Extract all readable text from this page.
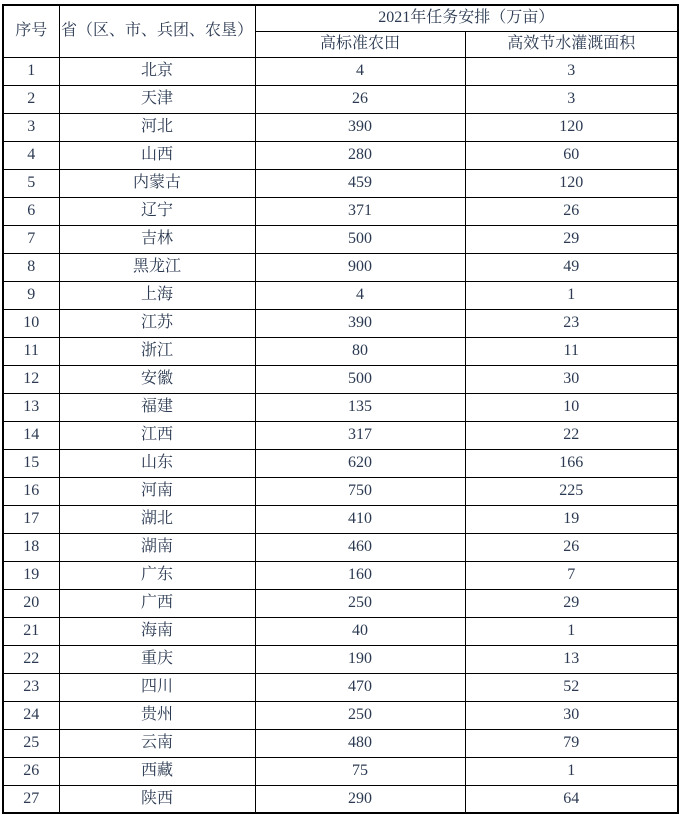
序号	省（区、市、兵团、农垦）	2021年任务安排（万亩）	
		高标准农田	高效节水灌溉面积
1	北京	4	3
2	天津	26	3
3	河北	390	120
4	山西	280	60
5	内蒙古	459	120
6	辽宁	371	26
7	吉林	500	29
8	黑龙江	900	49
9	上海	4	1
10	江苏	390	23
11	浙江	80	11
12	安徽	500	30
13	福建	135	10
14	江西	317	22
15	山东	620	166
16	河南	750	225
17	湖北	410	19
18	湖南	460	26
19	广东	160	7
20	广西	250	29
21	海南	40	1
22	重庆	190	13
23	四川	470	52
24	贵州	250	30
25	云南	480	79
26	西藏	75	1
27	陕西	290	64
